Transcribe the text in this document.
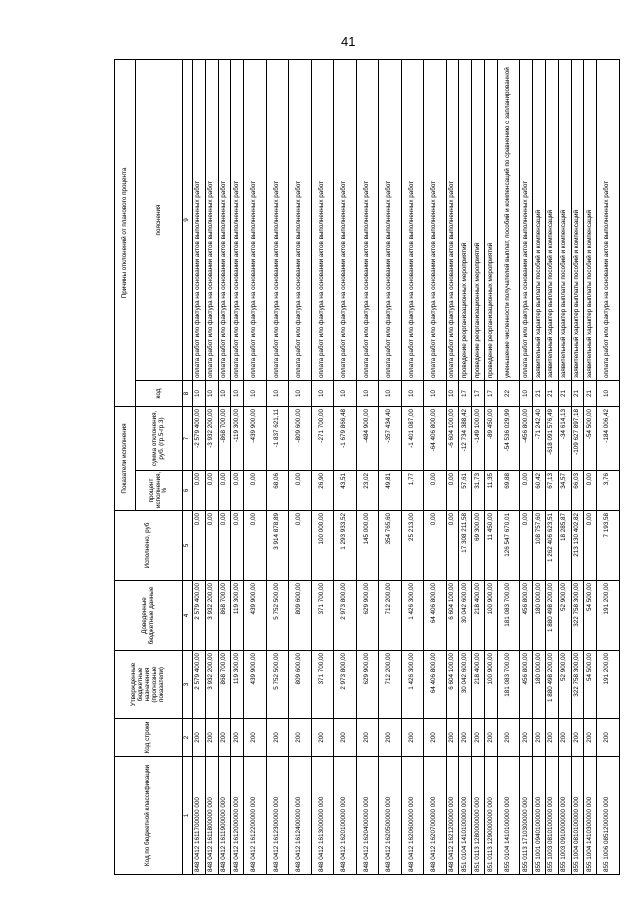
41
Код по бюджетной классификации	Код строки	Утвержденные бюджетные назначения (прогнозные показатели)	Доведенные бюджетные данные	Исполнено, руб	Показатели исполнения		Причины отклонений от планового процента	
					процент исполнения, %	сумма отклонения, руб. (гр.5-гр.3)	код	пояснения
1	2	3	4	5	6	7	8	9
848 0412 1611700000 000	200	2 579 400,00	2 579 400,00	0,00	0,00	-2 579 400,00	10	оплата работ ило фактура на основании актов выполненных работ
848 0412 1611800000 000	200	3 932 200,00	3 932 200,00	0,00	0,00	-3 932 200,00	10	оплата работ ило фактура на основании актов выполненных работ
848 0412 1611900000 000	200	868 700,00	868 700,00	0,00	0,00	-868 700,00	10	оплата работ ило фактура на основании актов выполненных работ
848 0412 1612000000 000	200	119 300,00	119 300,00	0,00	0,00	-119 300,00	10	оплата работ ило фактура на основании актов выполненных работ
848 0412 1612200000 000	200	439 900,00	439 900,00	0,00	0,00	-439 900,00	10	оплата работ ило фактура на основании актов выполненных работ
848 0412 1612300000 000	200	5 752 500,00	5 752 500,00	3 914 878,89	68,06	-1 837 621,11	10	оплата работ ило фактура на основании актов выполненных работ
848 0412 1612400000 000	200	809 600,00	809 600,00	0,00	0,00	-809 600,00	10	оплата работ ило фактура на основании актов выполненных работ
848 0412 1613000000 000	200	371 700,00	371 700,00	100 000,00	26,90	-271 700,00	10	оплата работ ило фактура на основании актов выполненных работ
848 0412 1620100000 000	200	2 973 800,00	2 973 800,00	1 293 933,52	43,51	-1 679 866,48	10	оплата работ ило фактура на основании актов выполненных работ
848 0412 1620400000 000	200	629 900,00	629 900,00	145 000,00	23,02	-484 900,00	10	оплата работ ило фактура на основании актов выполненных работ
848 0412 1620500000 000	200	712 200,00	712 200,00	354 765,60	49,81	-357 434,40	10	оплата работ ило фактура на основании актов выполненных работ
848 0412 1620600000 000	200	1 426 300,00	1 426 300,00	25 213,00	1,77	-1 401 087,00	10	оплата работ ило фактура на основании актов выполненных работ
848 0412 1620700000 000	200	64 406 800,00	64 406 800,00	0,00	0,00	-64 406 800,00	10	оплата работ ило фактура на основании актов выполненных работ
848 0412 1621200000 000	200	6 604 100,00	6 604 100,00	0,00	0,00	-6 604 100,00	10	оплата работ ило фактура на основании актов выполненных работ
851 0104 1410100000 000	200	30 042 600,00	30 042 600,00	17 308 211,58	57,61	-12 734 388,42	17	проведение реорганизационных мероприятий
851 0113 1280000000 000	200	218 400,00	218 400,00	69 300,00	31,73	-149 100,00	17	проведение реорганизационных мероприятий
851 0113 1290000000 000	200	100 900,00	100 900,00	11 450,00	11,35	-89 450,00	17	проведение реорганизационных мероприятий
855 0104 1410100000 000	200	181 083 700,00	181 083 700,00	126 547 670,01	69,88	-54 536 029,99	22	уменьшение численности получателей выплат, пособий и компенсаций по сравнению с запланированной
855 0113 1710300000 000	200	456 800,00	456 800,00	0,00	0,00	-456 800,00	10	оплата работ ило фактура на основании актов выполненных работ
855 1001 0940100000 000	200	180 000,00	180 000,00	108 757,60	60,42	-71 242,40	21	заявительный характер выплаты пособий и компенсаций
855 1003 0810100000 000	200	1 880 498 200,00	1 880 498 200,00	1 262 406 623,51	67,13	-618 091 576,49	21	заявительный характер выплаты пособий и компенсаций
855 1003 0910000000 000	200	52 900,00	52 900,00	18 285,87	34,57	-34 614,13	21	заявительный характер выплаты пособий и компенсаций
855 1004 0810100000 000	200	322 758 300,00	322 758 300,00	213 130 402,82	66,03	-109 627 897,18	21	заявительный характер выплаты пособий и компенсаций
855 1004 1410300000 000	200	54 500,00	54 500,00	0,00	0,00	-54 500,00	21	заявительный характер выплаты пособий и компенсаций
855 1006 0851200000 000	200	191 200,00	191 200,00	7 193,58	3,76	-184 006,42	10	оплата работ ило фактура на основании актов выполненных работ
